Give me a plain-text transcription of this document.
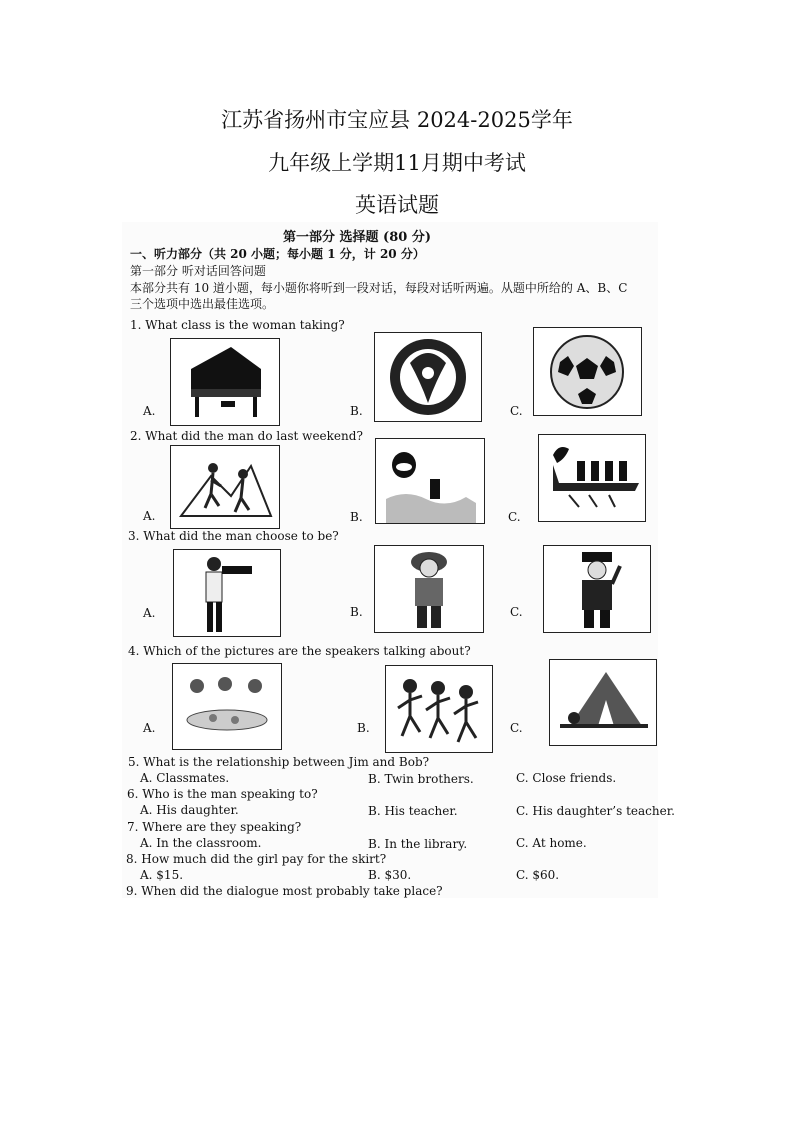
江苏省扬州市宝应县 2024-2025学年
九年级上学期11月期中考试
英语试题
第一部分 选择题 (80 分)
一、听力部分（共 20 小题；每小题 1 分，计 20 分）
第一部分 听对话回答问题
本部分共有 10 道小题，每小题你将听到一段对话，每段对话听两遍。从题中所给的 A、B、C
三个选项中选出最佳选项。
1. What class is the woman taking?
A.	B.	C.
2. What did the man do last weekend?
A.	B.	C.
3. What did the man choose to be?
A.	B.	C.
4. Which of the pictures are the speakers talking about?
A.	B.	C.
5. What is the relationship between Jim and Bob?
A. Classmates.	B. Twin brothers.	C. Close friends.
6. Who is the man speaking to?
A. His daughter.	B. His teacher.	C. His daughter’s teacher.
7. Where are they speaking?
A. In the classroom.	B. In the library.	C. At home.
8. How much did the girl pay for the skirt?
A. $15.	B. $30.	C. $60.
9. When did the dialogue most probably take place?
